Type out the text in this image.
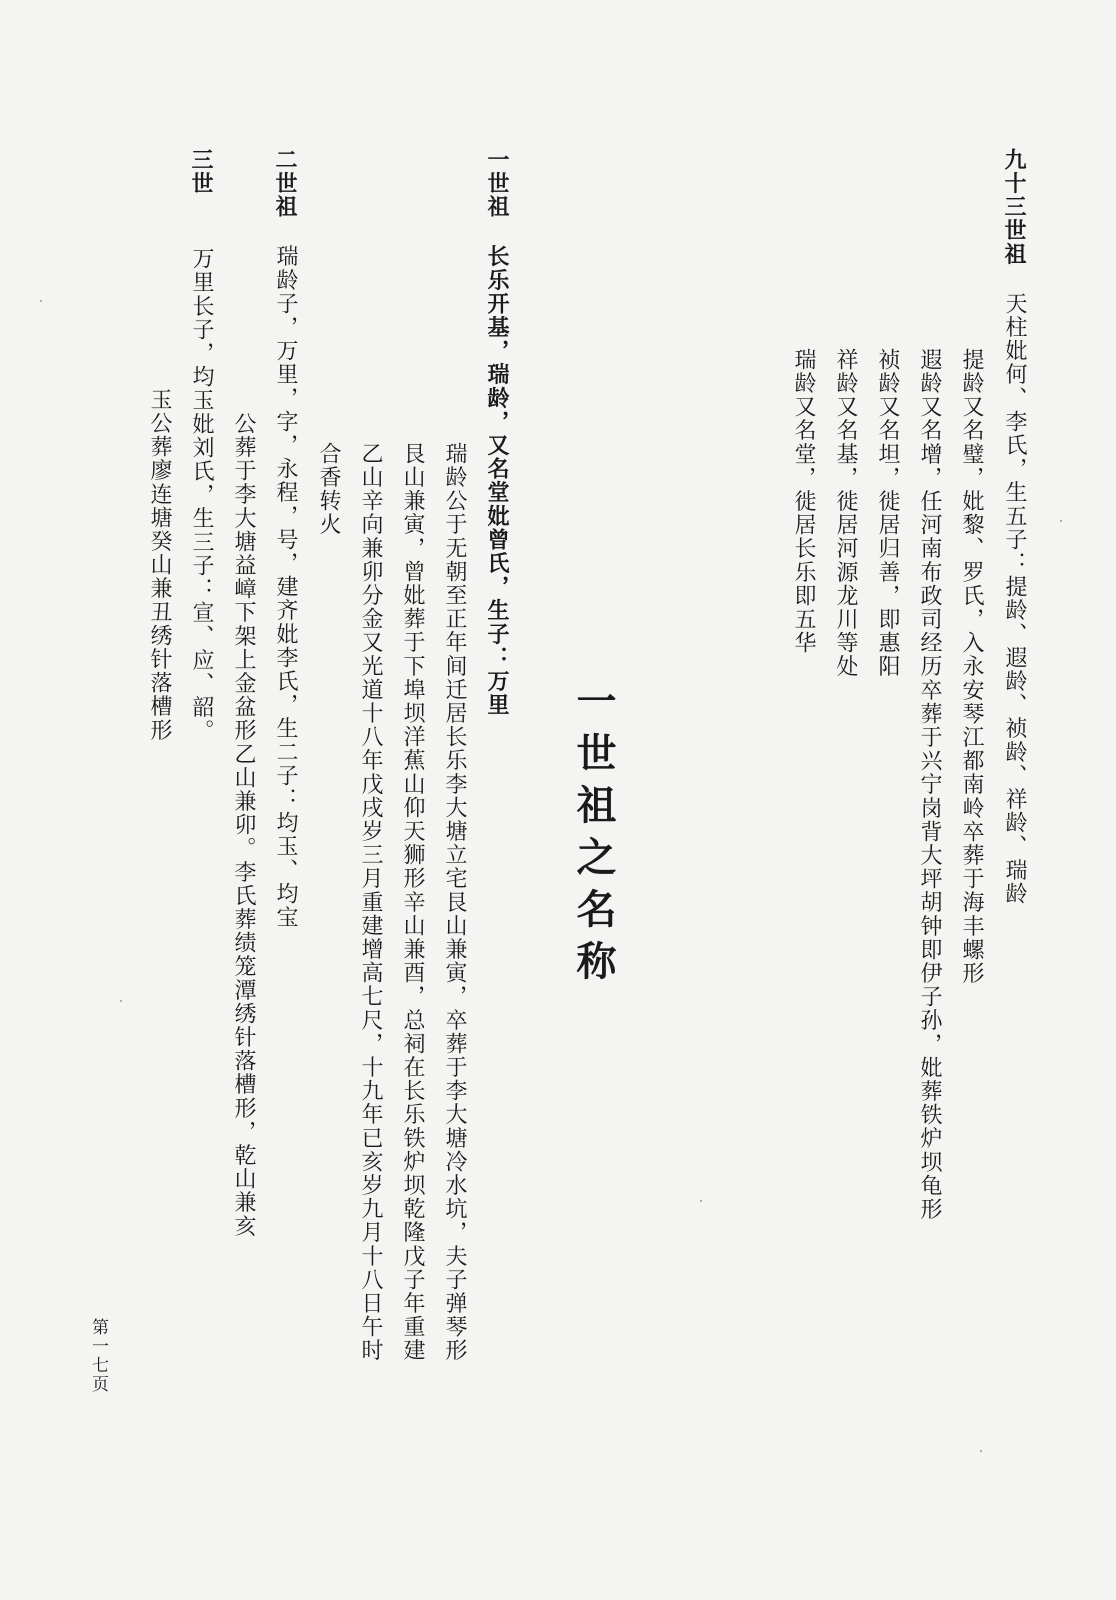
九十三世祖天柱妣何、李氏，生五子：提龄、遐龄、祯龄、祥龄、瑞龄
提龄又名璧，妣黎、罗氏，入永安琴江都南岭卒葬于海丰螺形
遐龄又名增，任河南布政司经历卒葬于兴宁岗背大坪胡钟即伊子孙，妣葬铁炉坝龟形
祯龄又名坦，徙居归善，即惠阳
祥龄又名基，徙居河源龙川等处
瑞龄又名堂，徙居长乐即五华
一世祖之名称
一世祖长乐开基，瑞龄，又名堂妣曾氏，生子：万里
瑞龄公于无朝至正年间迁居长乐李大塘立宅艮山兼寅，卒葬于李大塘冷水坑，夫子弹琴形
艮山兼寅，曾妣葬于下埠坝洋蕉山仰天狮形辛山兼酉，总祠在长乐铁炉坝乾隆戊子年重建
乙山辛向兼卯分金又光道十八年戊戌岁三月重建增高七尺，十九年已亥岁九月十八日午时
合香转火
二世祖瑞龄子，万里，字，永程，号，建齐妣李氏，生二子：均玉、均宝
公葬于李大塘益嶂下架上金盆形乙山兼卯。李氏葬绩笼潭绣针落槽形，乾山兼亥
三世万里长子，均玉妣刘氏，生三子：宣、应、韶。
玉公葬廖连塘癸山兼丑绣针落槽形
第一七页
